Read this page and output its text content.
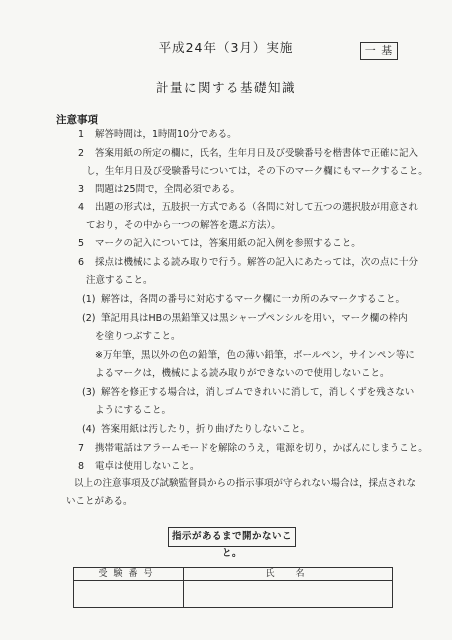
平成24年（3月）実施	一 基
計量に関する基礎知識
注意事項
1 解答時間は，1時間10分である。
2 答案用紙の所定の欄に，氏名，生年月日及び受験番号を楷書体で正確に記入
し，生年月日及び受験番号については，その下のマーク欄にもマークすること。
3 問題は25問で，全問必須である。
4 出題の形式は，五肢択一方式である（各問に対して五つの選択肢が用意され
ており，その中から一つの解答を選ぶ方法）。
5 マークの記入については，答案用紙の記入例を参照すること。
6 採点は機械による読み取りで行う。解答の記入にあたっては，次の点に十分
注意すること。
(1) 解答は，各問の番号に対応するマーク欄に一カ所のみマークすること。
(2) 筆記用具はHBの黒鉛筆又は黒シャープペンシルを用い，マーク欄の枠内
を塗りつぶすこと。
※万年筆，黒以外の色の鉛筆，色の薄い鉛筆，ボールペン，サインペン等に
よるマークは，機械による読み取りができないので使用しないこと。
(3) 解答を修正する場合は，消しゴムできれいに消して，消しくずを残さない
ようにすること。
(4) 答案用紙は汚したり，折り曲げたりしないこと。
7 携帯電話はアラームモードを解除のうえ，電源を切り，かばんにしまうこと。
8 電卓は使用しないこと。
以上の注意事項及び試験監督員からの指示事項が守られない場合は，採点されな
いことがある。
指示があるまで開かないこと。
受験番号	氏　名
